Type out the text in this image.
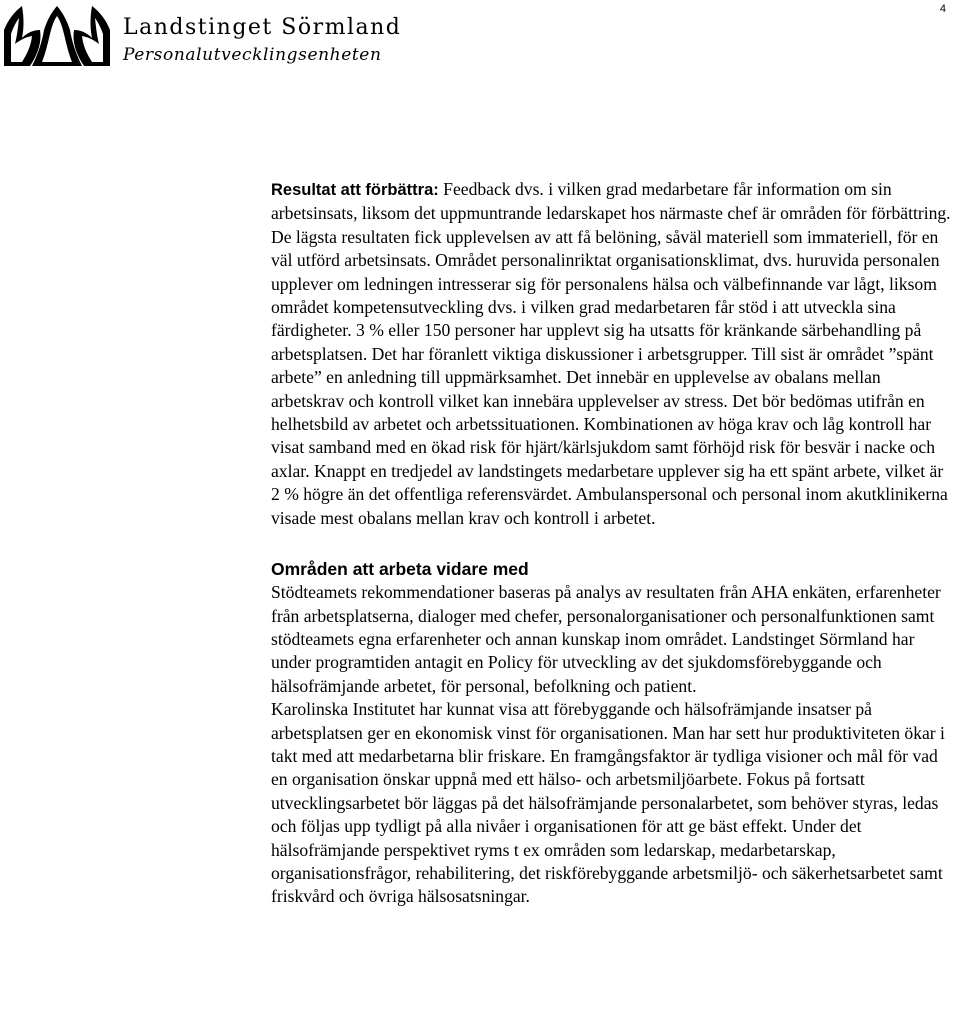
Landstinget Sörmland
Personalutvecklingsenheten
4

Resultat att förbättra: Feedback dvs. i vilken grad medarbetare får information om sin arbetsinsats, liksom det uppmuntrande ledarskapet hos närmaste chef är områden för förbättring. De lägsta resultaten fick upplevelsen av att få belöning, såväl materiell som immateriell, för en väl utförd arbetsinsats. Området personalinriktat organisationsklimat, dvs. huruvida personalen upplever om ledningen intresserar sig för personalens hälsa och välbefinnande var lågt, liksom området kompetensutveckling dvs. i vilken grad medarbetaren får stöd i att utveckla sina färdigheter. 3 % eller 150 personer har upplevt sig ha utsatts för kränkande särbehandling på arbetsplatsen. Det har föranlett viktiga diskussioner i arbetsgrupper. Till sist är området ”spänt arbete” en anledning till uppmärksamhet. Det innebär en upplevelse av obalans mellan arbetskrav och kontroll vilket kan innebära upplevelser av stress. Det bör bedömas utifrån en helhetsbild av arbetet och arbetssituationen. Kombinationen av höga krav och låg kontroll har visat samband med en ökad risk för hjärt/kärlsjukdom samt förhöjd risk för besvär i nacke och axlar. Knappt en tredjedel av landstingets medarbetare upplever sig ha ett spänt arbete, vilket är 2 % högre än det offentliga referensvärdet. Ambulanspersonal och personal inom akutklinikerna visade mest obalans mellan krav och kontroll i arbetet.

Områden att arbeta vidare med

Stödteamets rekommendationer baseras på analys av resultaten från AHA enkäten, erfarenheter från arbetsplatserna, dialoger med chefer, personalorganisationer och personalfunktionen samt stödteamets egna erfarenheter och annan kunskap inom området. Landstinget Sörmland har under programtiden antagit en Policy för utveckling av det sjukdomsförebyggande och hälsofrämjande arbetet, för personal, befolkning och patient.

Karolinska Institutet har kunnat visa att förebyggande och hälsofrämjande insatser på arbetsplatsen ger en ekonomisk vinst för organisationen. Man har sett hur produktiviteten ökar i takt med att medarbetarna blir friskare. En framgångsfaktor är tydliga visioner och mål för vad en organisation önskar uppnå med ett hälso- och arbetsmiljöarbete. Fokus på fortsatt utvecklingsarbetet bör läggas på det hälsofrämjande personalarbetet, som behöver styras, ledas och följas upp tydligt på alla nivåer i organisationen för att ge bäst effekt. Under det hälsofrämjande perspektivet ryms t ex områden som ledarskap, medarbetarskap, organisationsfrågor, rehabilitering, det riskförebyggande arbetsmiljö- och säkerhetsarbetet samt friskvård och övriga hälsosatsningar.
